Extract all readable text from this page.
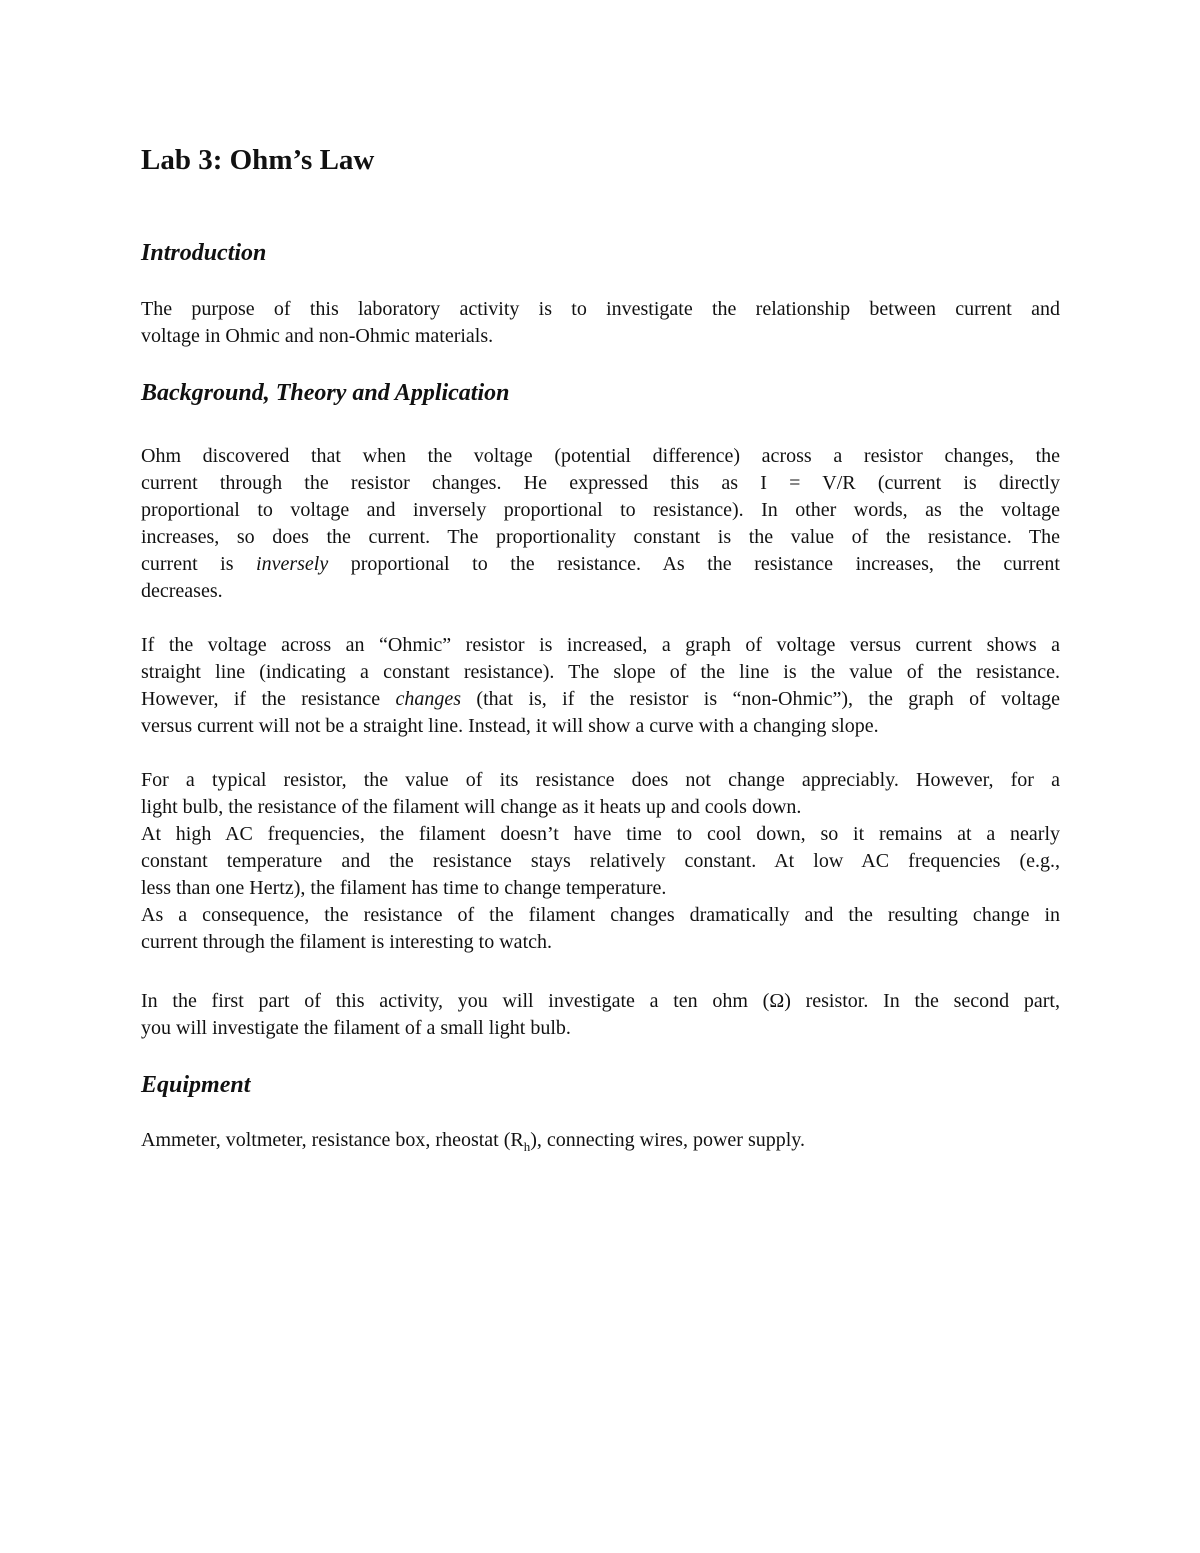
Lab 3: Ohm’s Law
Introduction

The purpose of this laboratory activity is to investigate the relationship between current and
voltage in Ohmic and non-Ohmic materials.

Background, Theory and Application

Ohm discovered that when the voltage (potential difference) across a resistor changes, the
current through the resistor changes. He expressed this as I = V/R (current is directly
proportional to voltage and inversely proportional to resistance). In other words, as the voltage
increases, so does the current. The proportionality constant is the value of the resistance. The
current is inversely proportional to the resistance. As the resistance increases, the current
decreases.

If the voltage across an “Ohmic” resistor is increased, a graph of voltage versus current shows a
straight line (indicating a constant resistance). The slope of the line is the value of the resistance.
However, if the resistance changes (that is, if the resistor is “non-Ohmic”), the graph of voltage
versus current will not be a straight line. Instead, it will show a curve with a changing slope.

For a typical resistor, the value of its resistance does not change appreciably. However, for a
light bulb, the resistance of the filament will change as it heats up and cools down.
At high AC frequencies, the filament doesn’t have time to cool down, so it remains at a nearly
constant temperature and the resistance stays relatively constant. At low AC frequencies (e.g.,
less than one Hertz), the filament has time to change temperature.
As a consequence, the resistance of the filament changes dramatically and the resulting change in
current through the filament is interesting to watch.

In the first part of this activity, you will investigate a ten ohm (Ω) resistor. In the second part,
you will investigate the filament of a small light bulb.

Equipment

Ammeter, voltmeter, resistance box, rheostat $(R_h)$, connecting wires, power supply.
